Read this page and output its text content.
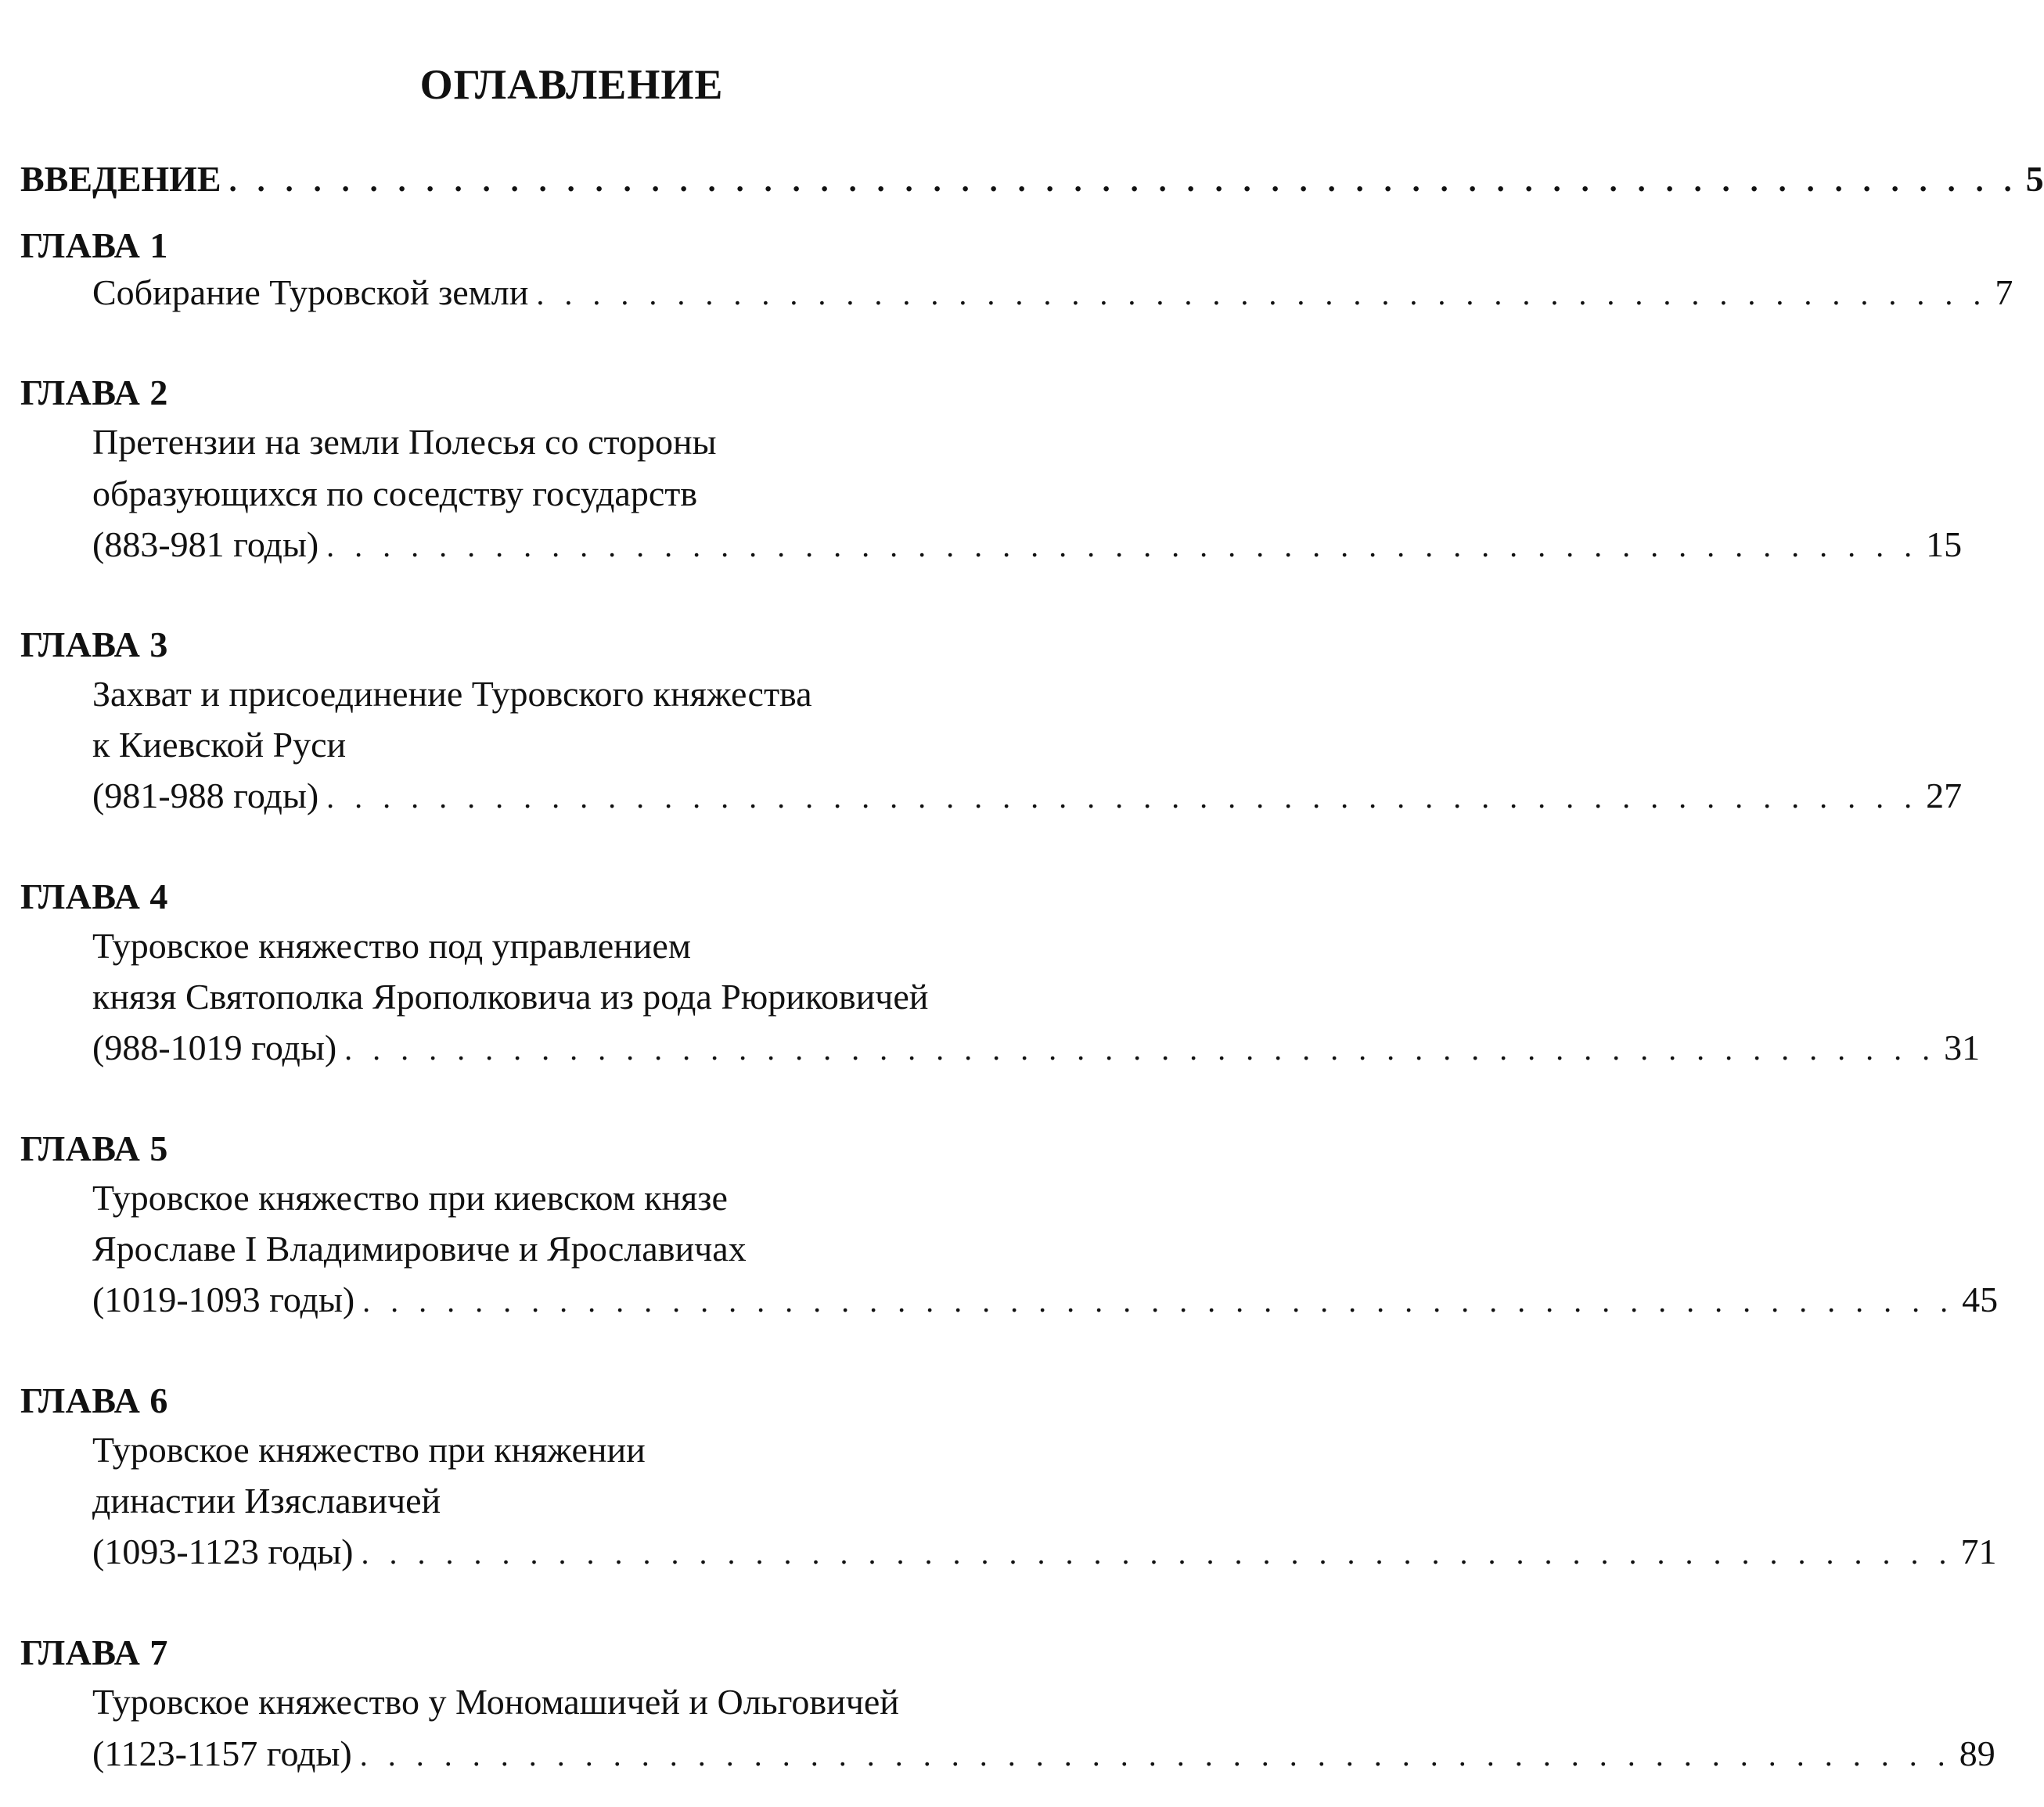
ОГЛАВЛЕНИЕ
ВВЕДЕНИЕ . . . . . . . . . . . . . . . . . . . . . . . . . . . . . . . . . . . . . . . . . . . . . . . . . . . . . . . . . . . . . . . . 5
ГЛАВА 1
Собирание Туровской земли . . . . . . . . . . . . . . . . . . . . . . . . . . . . . . . . . . . . . . . . . . . . . . . . . . . . 7
ГЛАВА 2
Претензии на земли Полесья со стороны
образующихся по соседству государств
(883-981 годы) . . . . . . . . . . . . . . . . . . . . . . . . . . . . . . . . . . . . . . . . . . . . . . . . . . . . . . . . . 15
ГЛАВА 3
Захват и присоединение Туровского княжества
к Киевской Руси
(981-988 годы) . . . . . . . . . . . . . . . . . . . . . . . . . . . . . . . . . . . . . . . . . . . . . . . . . . . . . . . . . 27
ГЛАВА 4
Туровское княжество под управлением
князя Святополка Ярополковича из рода Рюриковичей
(988-1019 годы) . . . . . . . . . . . . . . . . . . . . . . . . . . . . . . . . . . . . . . . . . . . . . . . . . . . . . . . . . 31
ГЛАВА 5
Туровское княжество при киевском князе
Ярославе I Владимировиче и Ярославичах
(1019-1093 годы) . . . . . . . . . . . . . . . . . . . . . . . . . . . . . . . . . . . . . . . . . . . . . . . . . . . . . . . . . 45
ГЛАВА 6
Туровское княжество при княжении
династии Изяславичей
(1093-1123 годы) . . . . . . . . . . . . . . . . . . . . . . . . . . . . . . . . . . . . . . . . . . . . . . . . . . . . . . . . . 71
ГЛАВА 7
Туровское княжество у Мономашичей и Ольговичей
(1123-1157 годы) . . . . . . . . . . . . . . . . . . . . . . . . . . . . . . . . . . . . . . . . . . . . . . . . . . . . . . . . . 89
